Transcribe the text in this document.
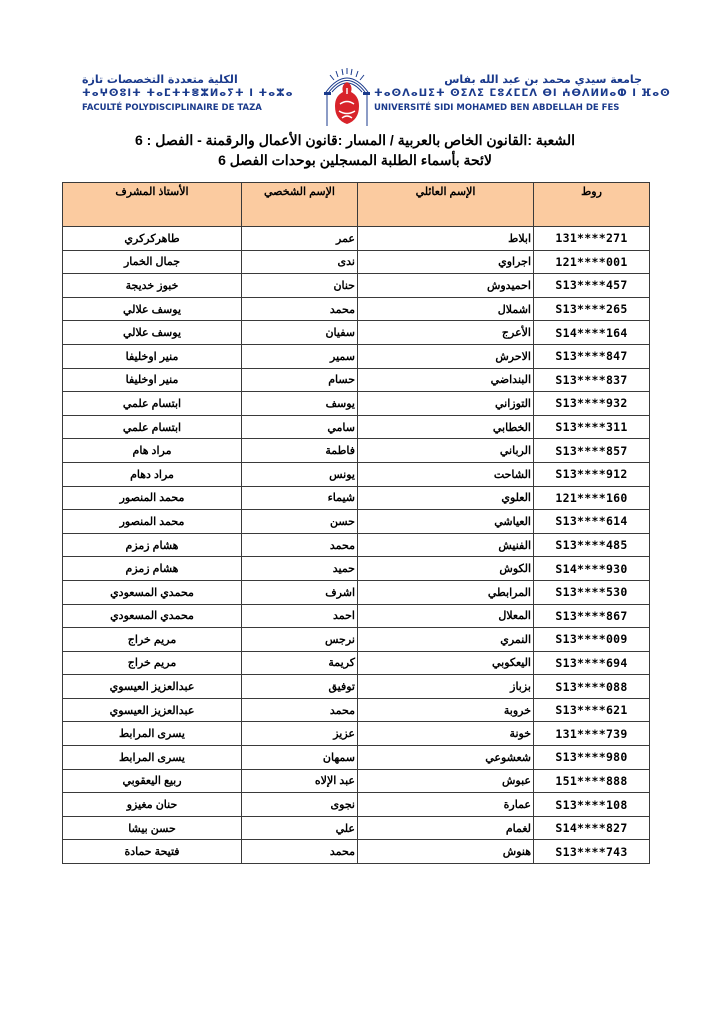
الكلية متعددة التخصصات تازة
ⵜⴰⵖⵙⵓⵏⵜ ⵜⴰⵎⵜⵜⴻⵣⵍⴰⵢⵜ ⵏ ⵜⴰⵣⴰ
FACULTÉ POLYDISCIPLINAIRE DE TAZA
جامعة سيدي محمد بن عبد الله بفاس
ⵜⴰⵙⴷⴰⵡⵉⵜ ⵙⵉⴷⵉ ⵎⵓⵃⵎⵎⴷ ⴱⵏ ⵄⴱⴷⵍⵍⴰⵀ ⵏ ⴼⴰⵙ
UNIVERSITÉ SIDI MOHAMED BEN ABDELLAH DE FES
الشعبة :القانون الخاص بالعربية / المسار :قانون الأعمال والرقمنة - الفصل : 6
لائحة بأسماء الطلبة المسجلين بوحدات الفصل 6
روط	الإسم العائلي	الإسم الشخصي	الأستاذ المشرف
131****271	ابلاط	عمر	طاهركركري
121****001	اجراوي	ندى	جمال الخمار
S13****457	احميدوش	حنان	خبوز خديجة
S13****265	اشملال	محمد	يوسف علالي
S14****164	الأعرج	سفيان	يوسف علالي
S13****847	الاحرش	سمير	منير اوخليفا
S13****837	البنداضي	حسام	منير اوخليفا
S13****932	التوزاني	يوسف	ابتسام علمي
S13****311	الخطابي	سامي	ابتسام علمي
S13****857	الرباني	فاطمة	مراد هام
S13****912	الشاحت	يونس	مراد دهام
121****160	العلوي	شيماء	محمد المنصور
S13****614	العياشي	حسن	محمد المنصور
S13****485	الفنيش	محمد	هشام زمزم
S14****930	الكوش	حميد	هشام زمزم
S13****530	المرابطي	اشرف	محمدي المسعودي
S13****867	المعلال	احمد	محمدي المسعودي
S13****009	النمري	نرجس	مريم خراج
S13****694	اليعكوبي	كريمة	مريم خراج
S13****088	بزباز	توفيق	عبدالعزيز العيسوي
S13****621	خروبة	محمد	عبدالعزيز العيسوي
131****739	خونة	عزيز	يسرى المرابط
S13****980	شعشوعي	سمهان	يسرى المرابط
151****888	عبوش	عبد الإلاه	ربيع اليعقوبي
S13****108	عمارة	نجوى	حنان مغيزو
S14****827	لغمام	علي	حسن بيشا
S13****743	هنوش	محمد	فتيحة حمادة
